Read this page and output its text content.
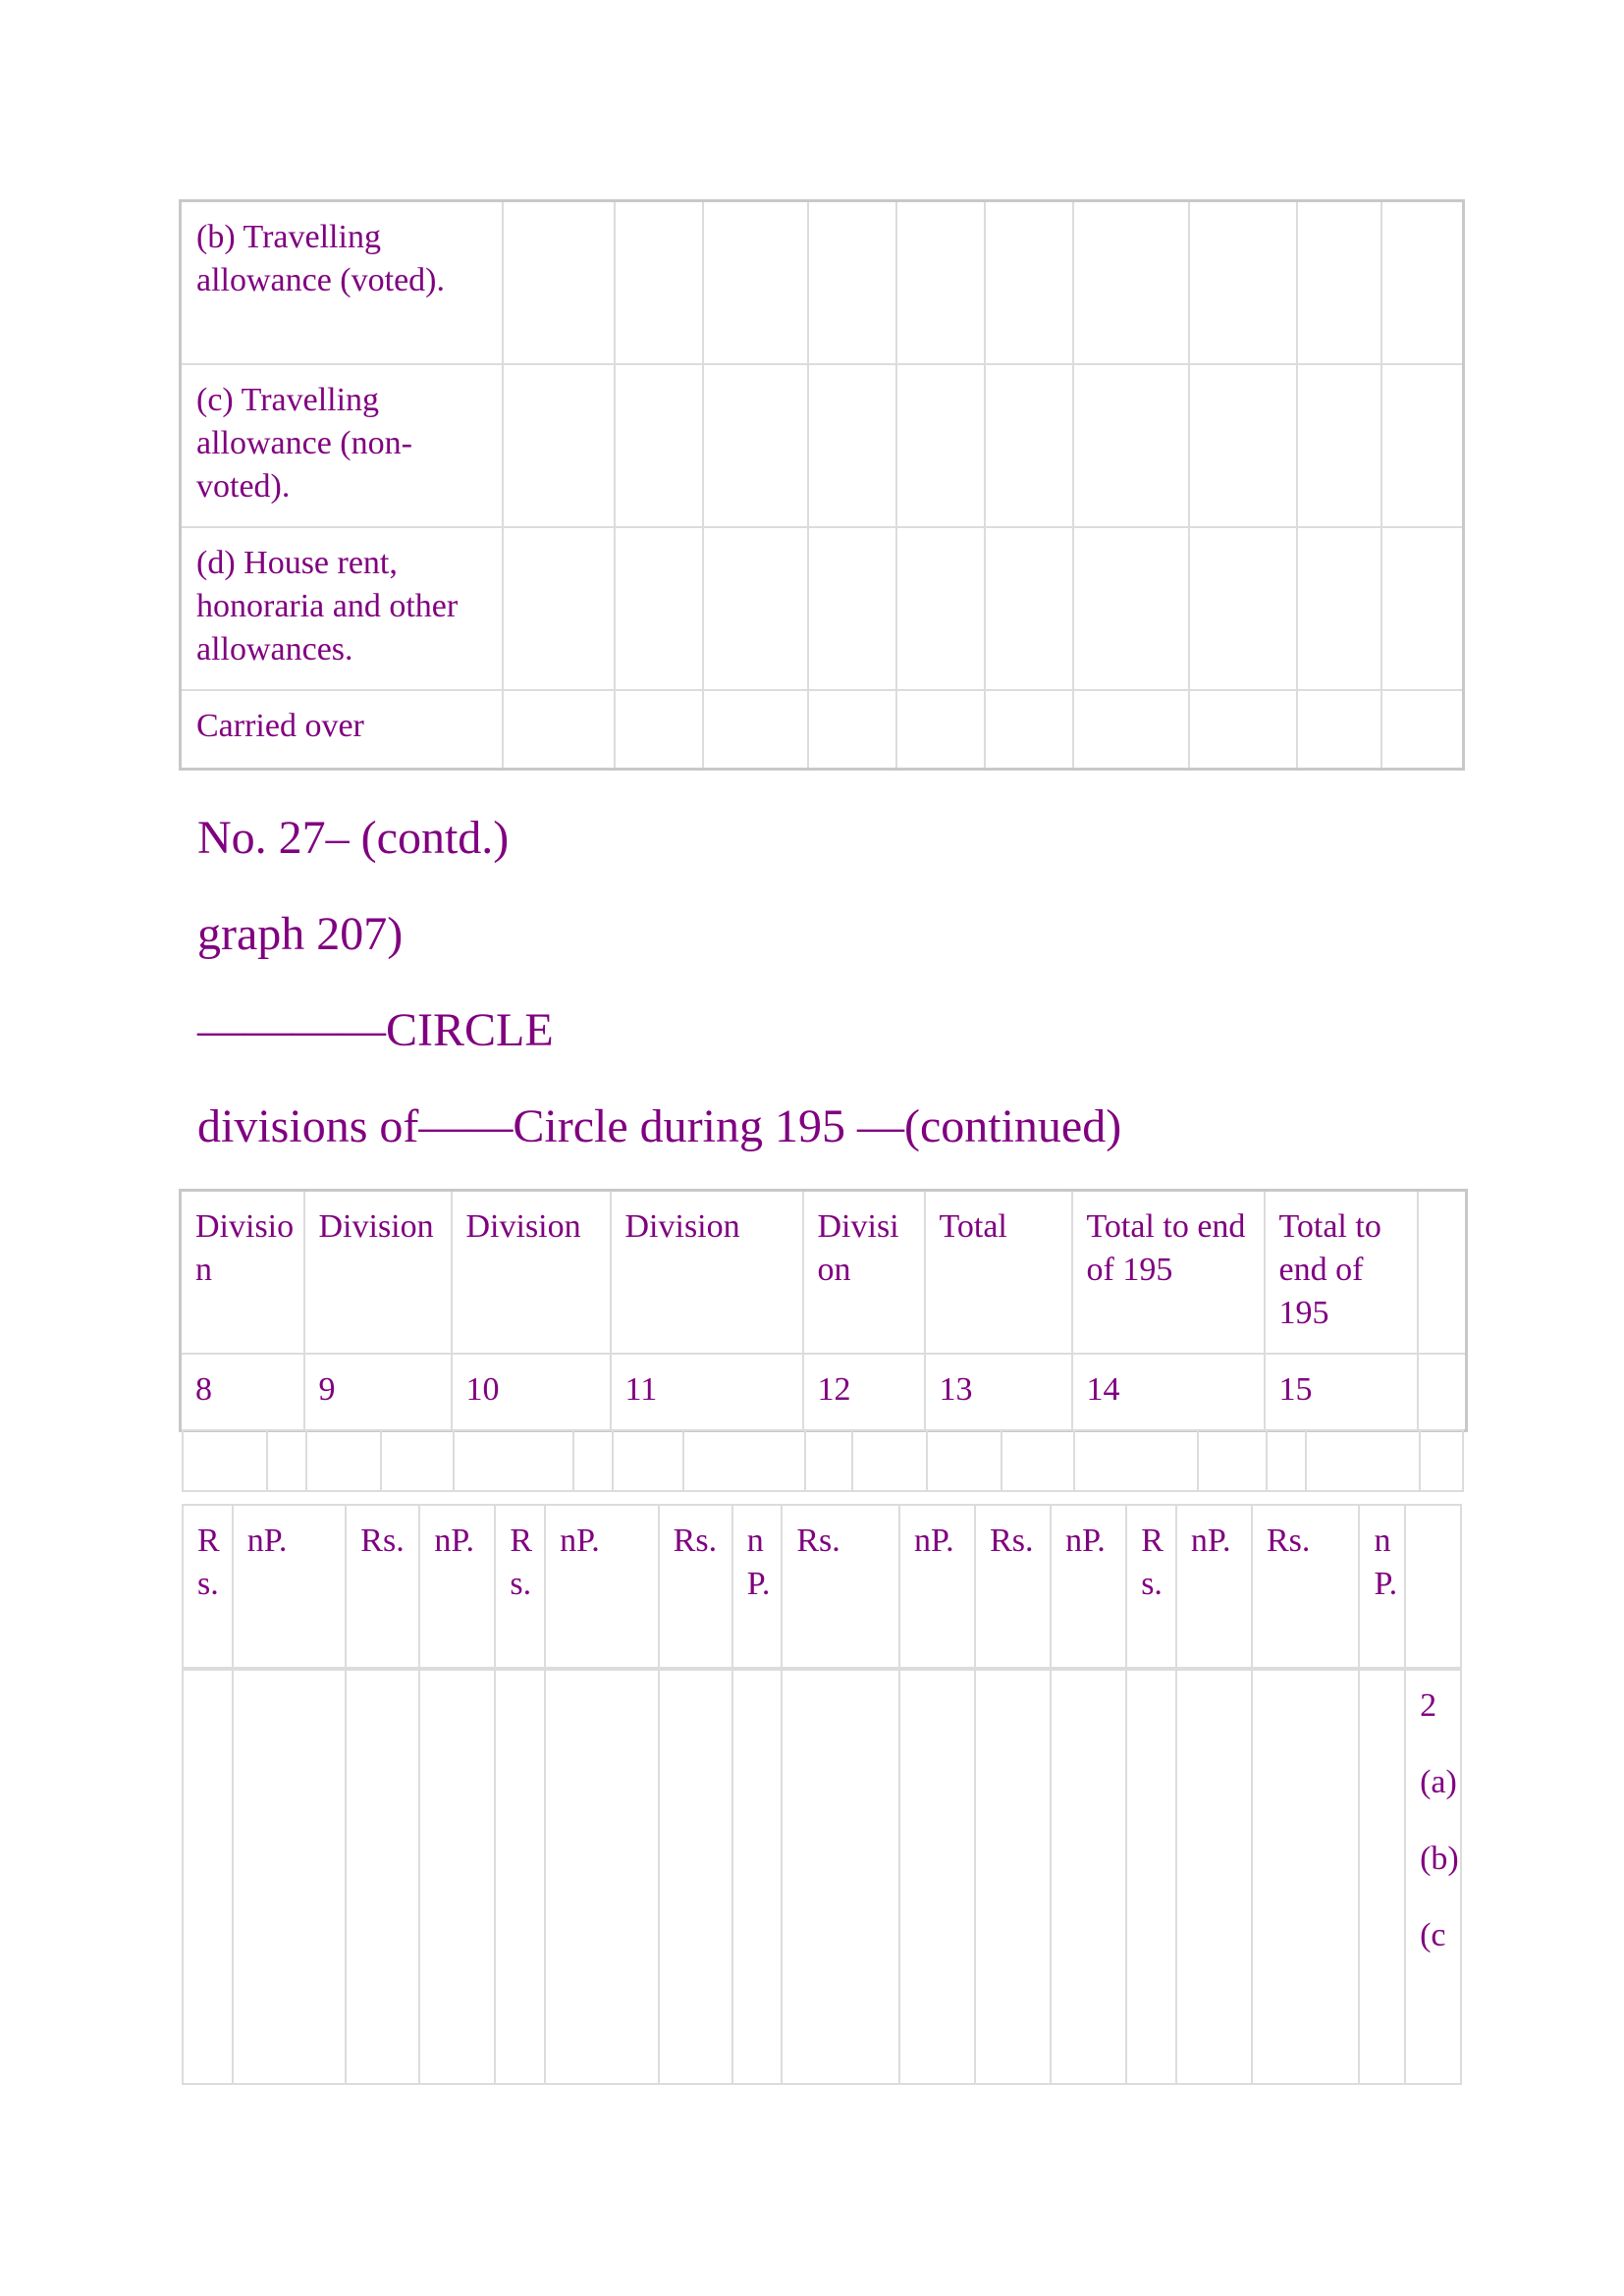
(b) Travelling allowance (voted).										
(c) Travelling allowance (non-voted).										
(d) House rent, honoraria and other allowances.										
Carried over										
No. 27– (contd.)
graph 207)
————CIRCLE
divisions of——Circle during 195 —(continued)
Division	Division	Division	Division	Division	Total	Total to end of 195	Total to end of 195	
8	9	10	11	12	13	14	15	

Rs.	nP.	Rs.	nP.	Rs.	nP.	Rs.	nP.	Rs.	nP.	Rs.	nP.	Rs.	nP.	Rs.	nP.	

2

(a)

(b)

(c
